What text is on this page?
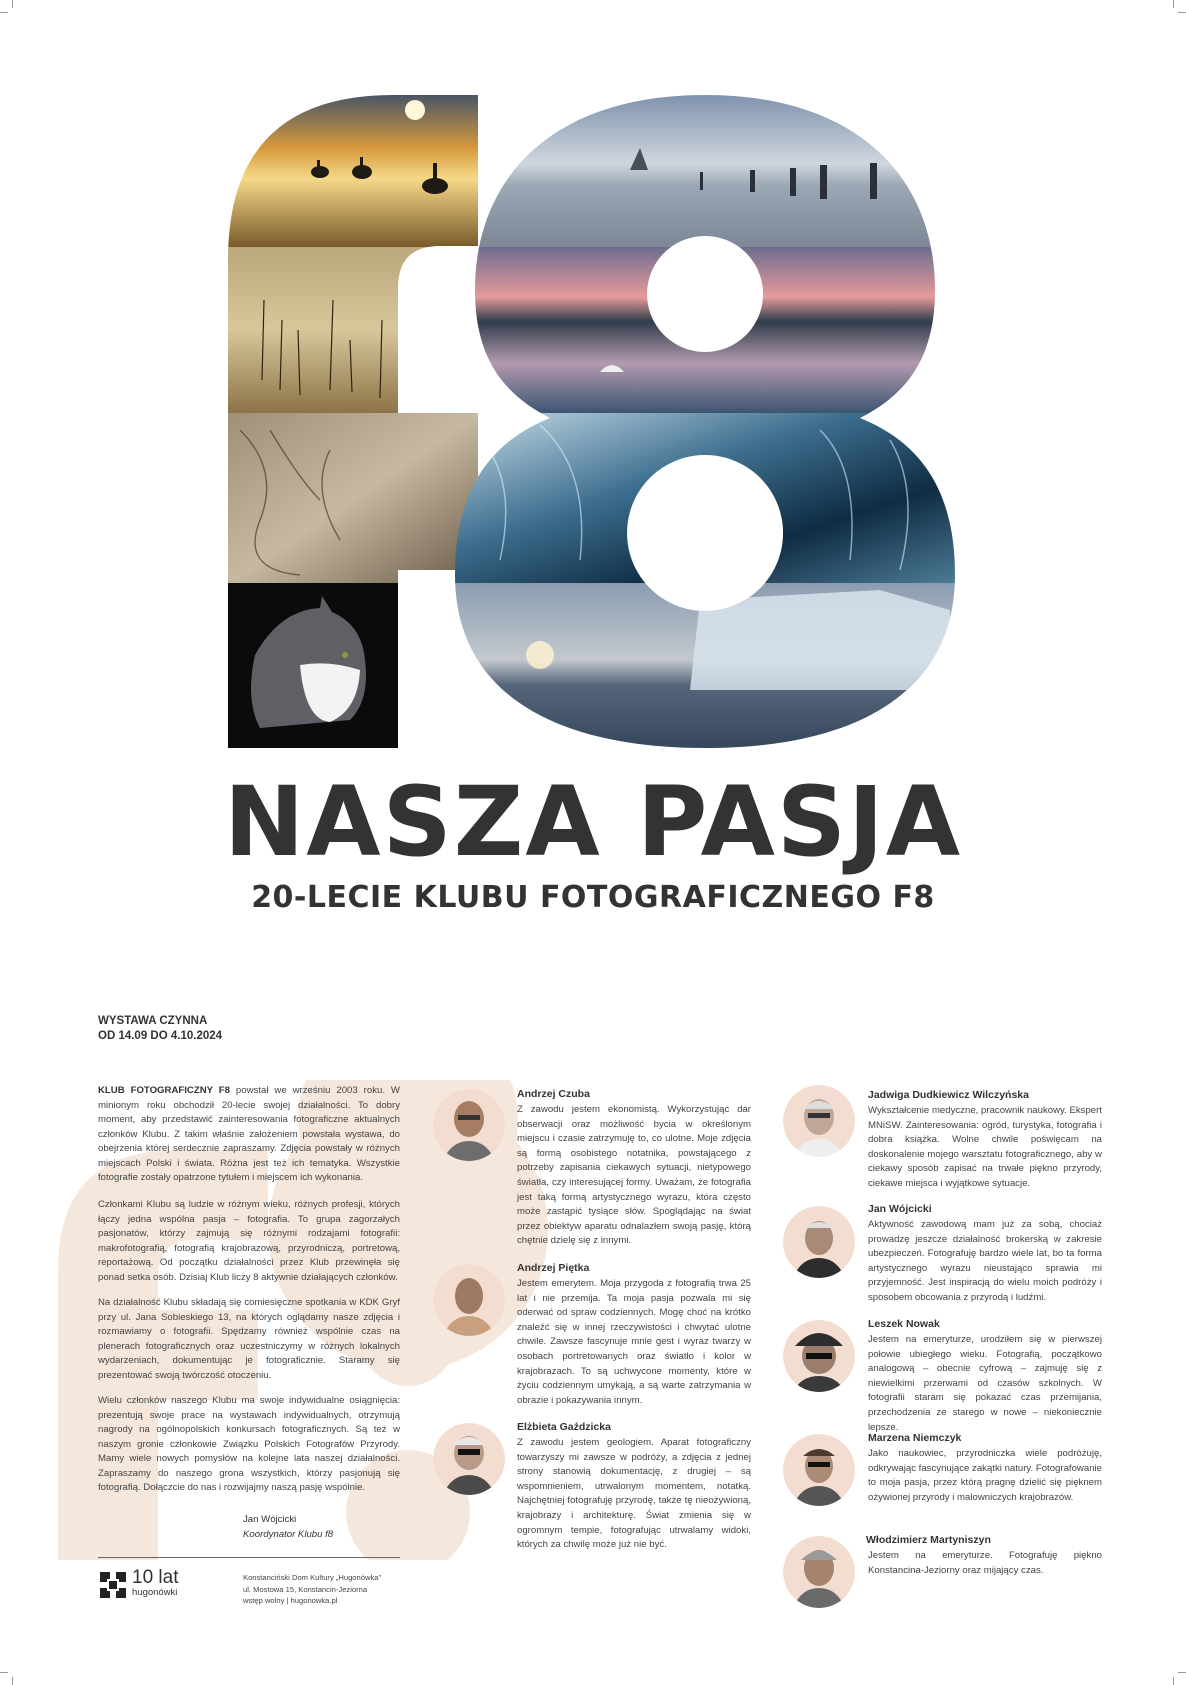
NASZA PASJA
20-LECIE KLUBU FOTOGRAFICZNEGO F8
WYSTAWA CZYNNA
OD 14.09 DO 4.10.2024
KLUB FOTOGRAFICZNY F8 powstał we wrześniu 2003 roku. W minionym roku obchodził 20-lecie swojej działalności. To dobry moment, aby przedstawić zainteresowania fotograficzne aktualnych członków Klubu. Z takim właśnie założeniem powstała wystawa, do obejrzenia której serdecznie zapraszamy. Zdjęcia powstały w różnych miejscach Polski i świata. Różna jest też ich tematyka. Wszystkie fotografie zostały opatrzone tytułem i miejscem ich wykonania.
Członkami Klubu są ludzie w różnym wieku, różnych profesji, których łączy jedna wspólna pasja – fotografia. To grupa zagorzałych pasjonatów, którzy zajmują się różnymi rodzajami fotografii: makrofotografią, fotografią krajobrazową, przyrodniczą, portretową, reportażową. Od początku działalności przez Klub przewinęła się ponad setka osób. Dzisiaj Klub liczy 8 aktywnie działających członków.
Na działalność Klubu składają się comiesięczne spotkania w KDK Gryf przy ul. Jana Sobieskiego 13, na których oglądamy nasze zdjęcia i rozmawiamy o fotografii. Spędzamy również wspólnie czas na plenerach fotograficznych oraz uczestniczymy w różnych lokalnych wydarzeniach, dokumentując je fotograficznie. Staramy się prezentować swoją twórczość otoczeniu.
Wielu członków naszego Klubu ma swoje indywidualne osiągnięcia: prezentują swoje prace na wystawach indywidualnych, otrzymują nagrody na ogólnopolskich konkursach fotograficznych. Są też w naszym gronie członkowie Związku Polskich Fotografów Przyrody. Mamy wiele nowych pomysłów na kolejne lata naszej działalności. Zapraszamy do naszego grona wszystkich, którzy pasjonują się fotografią. Dołączcie do nas i rozwijajmy naszą pasję wspólnie.
Jan Wójcicki
Koordynator Klubu f8
Andrzej Czuba
Z zawodu jestem ekonomistą. Wykorzystując dar obserwacji oraz możliwość bycia w określonym miejscu i czasie zatrzymuję to, co ulotne. Moje zdjęcia są formą osobistego notatnika, powstającego z potrzeby zapisania ciekawych sytuacji, nietypowego światła, czy interesującej formy. Uważam, że fotografia jest taką formą artystycznego wyrazu, która często może zastąpić tysiące słów. Spoglądając na świat przez obiektyw aparatu odnalazłem swoją pasję, którą chętnie dzielę się z innymi.
Andrzej Piętka
Jestem emerytem. Moja przygoda z fotografią trwa 25 lat i nie przemija. Ta moja pasja pozwala mi się oderwać od spraw codziennych. Mogę choć na krótko znaleźć się w innej rzeczywistości i chwytać ulotne chwile. Zawsze fascynuje mnie gest i wyraz twarzy w osobach portretowanych oraz światło i kolor w krajobrazach. To są uchwycone momenty, które w życiu codziennym umykają, a są warte zatrzymania w obrazie i pokazywania innym.
Elżbieta Gaździcka
Z zawodu jestem geologiem. Aparat fotograficzny towarzyszy mi zawsze w podróży, a zdjęcia z jednej strony stanowią dokumentację, z drugiej – są wspomnieniem, utrwalonym momentem, notatką. Najchętniej fotografuję przyrodę, także tę nieożywioną, krajobrazy i architekturę. Świat zmienia się w ogromnym tempie, fotografując utrwalamy widoki, których za chwilę może już nie być.
Jadwiga Dudkiewicz Wilczyńska
Wykształcenie medyczne, pracownik naukowy. Ekspert MNiSW. Zainteresowania: ogród, turystyka, fotografia i dobra książka. Wolne chwile poświęcam na doskonalenie mojego warsztatu fotograficznego, aby w ciekawy sposób zapisać na trwałe piękno przyrody, ciekawe miejsca i wyjątkowe sytuacje.
Jan Wójcicki
Aktywność zawodową mam już za sobą, chociaż prowadzę jeszcze działalność brokerską w zakresie ubezpieczeń. Fotografuję bardzo wiele lat, bo ta forma artystycznego wyrazu nieustająco sprawia mi przyjemność. Jest inspiracją do wielu moich podróży i sposobem obcowania z przyrodą i ludźmi.
Leszek Nowak
Jestem na emeryturze, urodziłem się w pierwszej połowie ubiegłego wieku. Fotografią, początkowo analogową – obecnie cyfrową – zajmuję się z niewielkimi przerwami od czasów szkolnych. W fotografii staram się pokazać czas przemijania, przechodzenia ze starego w nowe – niekoniecznie lepsze.
Marzena Niemczyk
Jako naukowiec, przyrodniczka wiele podróżuję, odkrywając fascynujące zakątki natury. Fotografowanie to moja pasja, przez którą pragnę dzielić się pięknem ożywionej przyrody i malowniczych krajobrazów.
Włodzimierz Martyniszyn
Jestem na emeryturze. Fotografuję piękno Konstancina-Jeziorny oraz mijający czas.
10 lat
hugonówki
Konstanciński Dom Kultury „Hugonówka”
ul. Mostowa 15, Konstancin-Jeziorna
wstęp wolny | hugonowka.pl
